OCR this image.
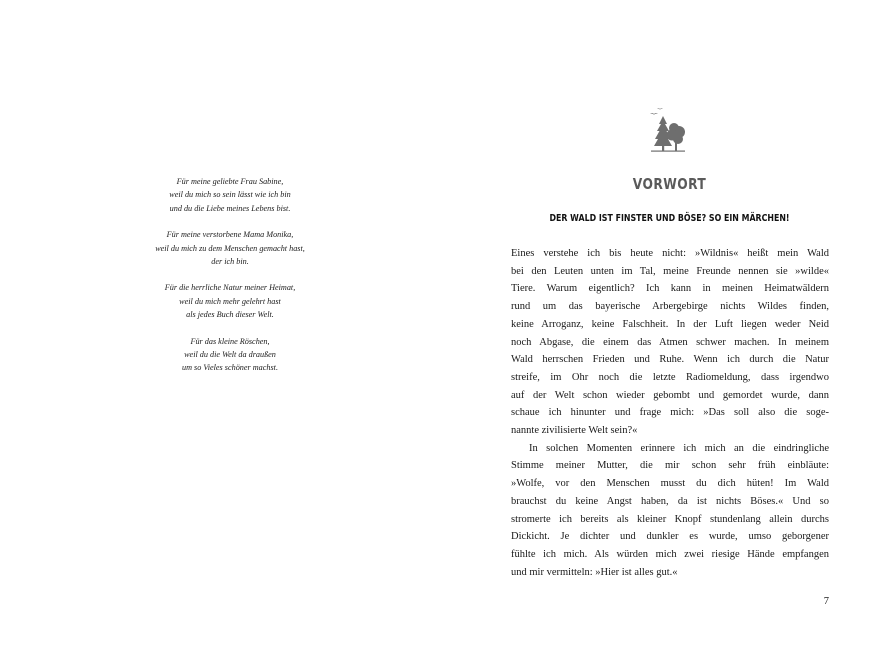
Für meine geliebte Frau Sabine,
weil du mich so sein lässt wie ich bin
und du die Liebe meines Lebens bist.

Für meine verstorbene Mama Monika,
weil du mich zu dem Menschen gemacht hast,
der ich bin.

Für die herrliche Natur meiner Heimat,
weil du mich mehr gelehrt hast
als jedes Buch dieser Welt.

Für das kleine Röschen,
weil du die Welt da draußen
um so Vieles schöner machst.

VORWORT
DER WALD IST FINSTER UND BÖSE? SO EIN MÄRCHEN!
Eines verstehe ich bis heute nicht: »Wildnis« heißt mein Wald
bei den Leuten unten im Tal, meine Freunde nennen sie »wilde«
Tiere. Warum eigentlich? Ich kann in meinen Heimatwäldern
rund um das bayerische Arbergebirge nichts Wildes finden,
keine Arroganz, keine Falschheit. In der Luft liegen weder Neid
noch Abgase, die einem das Atmen schwer machen. In meinem
Wald herrschen Frieden und Ruhe. Wenn ich durch die Natur
streife, im Ohr noch die letzte Radiomeldung, dass irgendwo
auf der Welt schon wieder gebombt und gemordet wurde, dann
schaue ich hinunter und frage mich: »Das soll also die soge-
nannte zivilisierte Welt sein?«
In solchen Momenten erinnere ich mich an die eindringliche
Stimme meiner Mutter, die mir schon sehr früh einbläute:
»Wolfe, vor den Menschen musst du dich hüten! Im Wald
brauchst du keine Angst haben, da ist nichts Böses.« Und so
stromerte ich bereits als kleiner Knopf stundenlang allein durchs
Dickicht. Je dichter und dunkler es wurde, umso geborgener
fühlte ich mich. Als würden mich zwei riesige Hände empfangen
und mir vermitteln: »Hier ist alles gut.«
7
